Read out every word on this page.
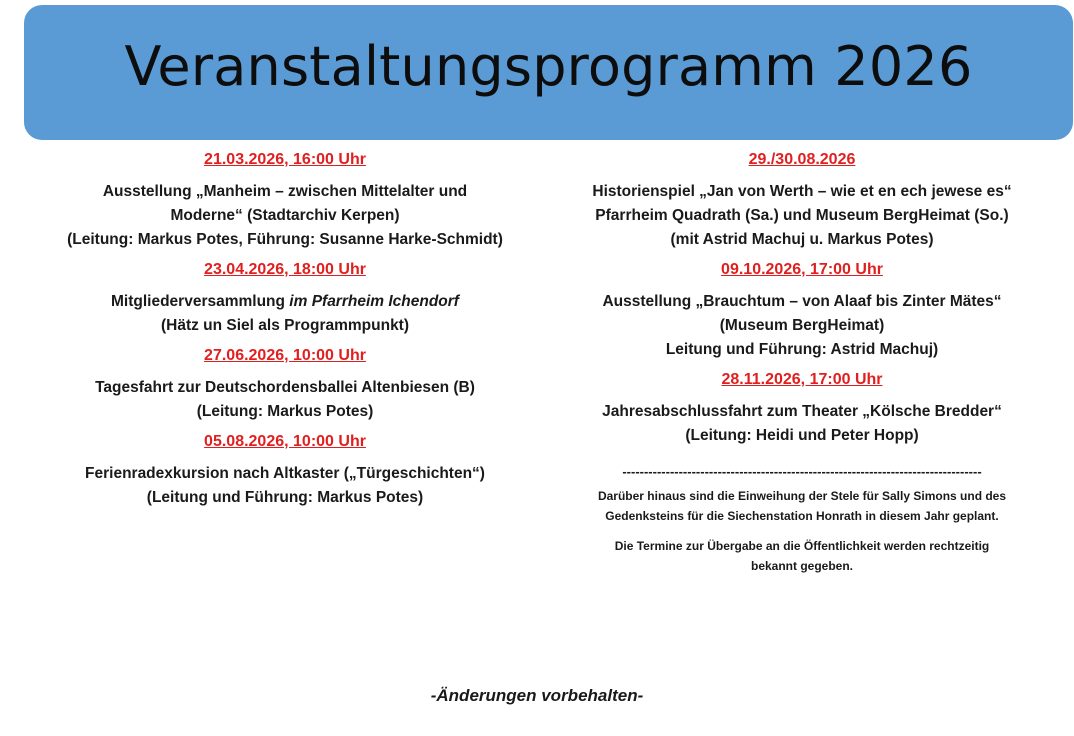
Veranstaltungsprogramm 2026

21.03.2026, 16:00 Uhr

Ausstellung „Manheim – zwischen Mittelalter und
Moderne“ (Stadtarchiv Kerpen)
(Leitung: Markus Potes, Führung: Susanne Harke-Schmidt)

23.04.2026, 18:00 Uhr

Mitgliederversammlung im Pfarrheim Ichendorf
(Hätz un Siel als Programmpunkt)

27.06.2026, 10:00 Uhr

Tagesfahrt zur Deutschordensballei Altenbiesen (B)
(Leitung: Markus Potes)

05.08.2026, 10:00 Uhr

Ferienradexkursion nach Altkaster („Türgeschichten“)
(Leitung und Führung: Markus Potes)

29./30.08.2026

Historienspiel „Jan von Werth – wie et en ech jewese es“
Pfarrheim Quadrath (Sa.) und Museum BergHeimat (So.)
(mit Astrid Machuj u. Markus Potes)

09.10.2026, 17:00 Uhr

Ausstellung „Brauchtum – von Alaaf bis Zinter Mätes“
(Museum BergHeimat)
Leitung und Führung: Astrid Machuj)

28.11.2026, 17:00 Uhr

Jahresabschlussfahrt zum Theater „Kölsche Bredder“
(Leitung: Heidi und Peter Hopp)

-----------------------------------------------------------------------------------

Darüber hinaus sind die Einweihung der Stele für Sally Simons und des
Gedenksteins für die Siechenstation Honrath in diesem Jahr geplant.

Die Termine zur Übergabe an die Öffentlichkeit werden rechtzeitig
bekannt gegeben.

-Änderungen vorbehalten-
